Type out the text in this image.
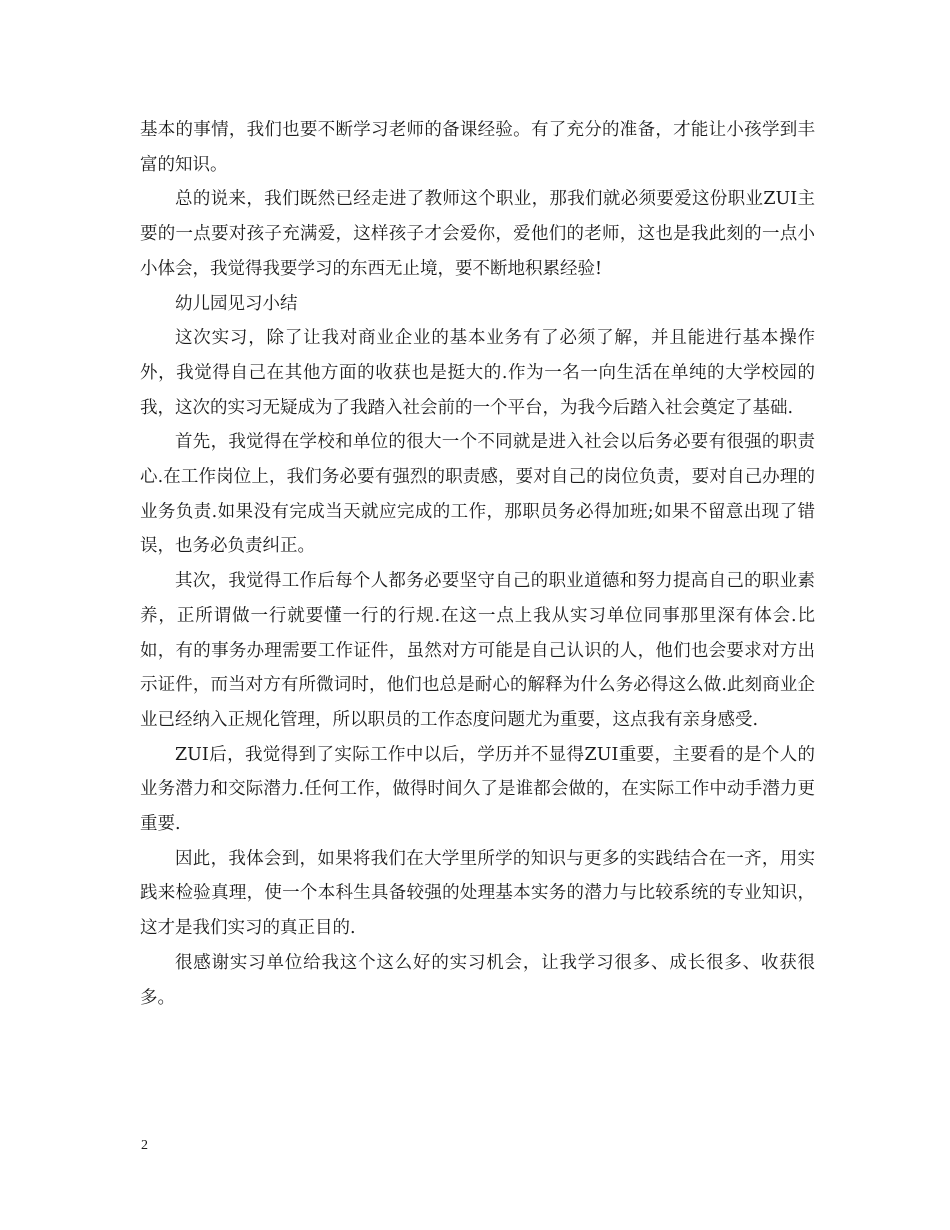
基本的事情，我们也要不断学习老师的备课经验。有了充分的准备，才能让小孩学到丰富的知识。

总的说来，我们既然已经走进了教师这个职业，那我们就必须要爱这份职业ZUI主要的一点要对孩子充满爱，这样孩子才会爱你，爱他们的老师，这也是我此刻的一点小小体会，我觉得我要学习的东西无止境，要不断地积累经验!

幼儿园见习小结

这次实习，除了让我对商业企业的基本业务有了必须了解，并且能进行基本操作外，我觉得自己在其他方面的收获也是挺大的.作为一名一向生活在单纯的大学校园的我，这次的实习无疑成为了我踏入社会前的一个平台，为我今后踏入社会奠定了基础.

首先，我觉得在学校和单位的很大一个不同就是进入社会以后务必要有很强的职责心.在工作岗位上，我们务必要有强烈的职责感，要对自己的岗位负责，要对自己办理的业务负责.如果没有完成当天就应完成的工作，那职员务必得加班;如果不留意出现了错误，也务必负责纠正。

其次，我觉得工作后每个人都务必要坚守自己的职业道德和努力提高自己的职业素养，正所谓做一行就要懂一行的行规.在这一点上我从实习单位同事那里深有体会.比如，有的事务办理需要工作证件，虽然对方可能是自己认识的人，他们也会要求对方出示证件，而当对方有所微词时，他们也总是耐心的解释为什么务必得这么做.此刻商业企业已经纳入正规化管理，所以职员的工作态度问题尤为重要，这点我有亲身感受.

ZUI后，我觉得到了实际工作中以后，学历并不显得ZUI重要，主要看的是个人的业务潜力和交际潜力.任何工作，做得时间久了是谁都会做的，在实际工作中动手潜力更重要.

因此，我体会到，如果将我们在大学里所学的知识与更多的实践结合在一齐，用实践来检验真理，使一个本科生具备较强的处理基本实务的潜力与比较系统的专业知识，这才是我们实习的真正目的.

很感谢实习单位给我这个这么好的实习机会，让我学习很多、成长很多、收获很多。

2
